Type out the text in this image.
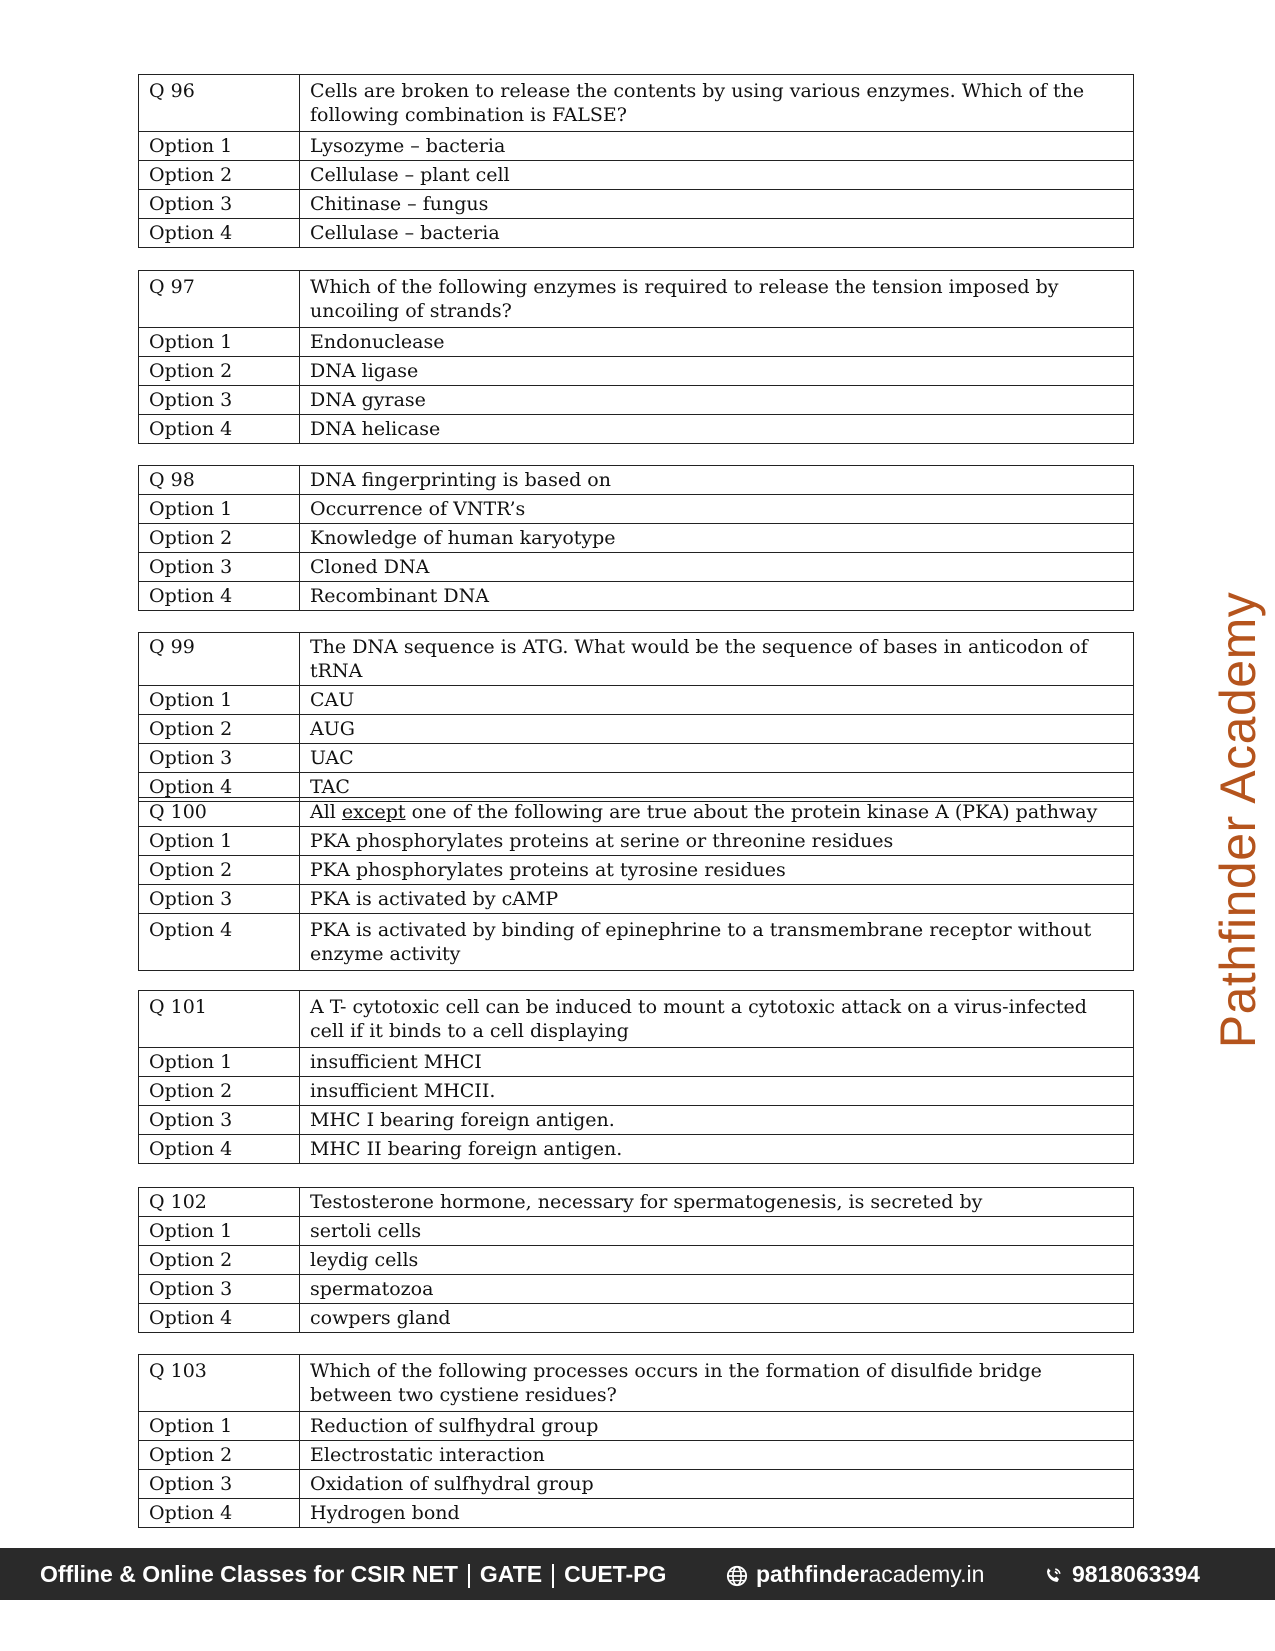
Q 96	Cells are broken to release the contents by using various enzymes. Which of the following combination is FALSE?
Option 1	Lysozyme – bacteria
Option 2	Cellulase – plant cell
Option 3	Chitinase – fungus
Option 4	Cellulase – bacteria
Q 97	Which of the following enzymes is required to release the tension imposed by uncoiling of strands?
Option 1	Endonuclease
Option 2	DNA ligase
Option 3	DNA gyrase
Option 4	DNA helicase
Q 98	DNA fingerprinting is based on
Option 1	Occurrence of VNTR’s
Option 2	Knowledge of human karyotype
Option 3	Cloned DNA
Option 4	Recombinant DNA
Q 99	The DNA sequence is ATG. What would be the sequence of bases in anticodon of tRNA
Option 1	CAU
Option 2	AUG
Option 3	UAC
Option 4	TAC
Q 100	All except one of the following are true about the protein kinase A (PKA) pathway
Option 1	PKA phosphorylates proteins at serine or threonine residues
Option 2	PKA phosphorylates proteins at tyrosine residues
Option 3	PKA is activated by cAMP
Option 4	PKA is activated by binding of epinephrine to a transmembrane receptor without enzyme activity
Q 101	A T- cytotoxic cell can be induced to mount a cytotoxic attack on a virus-infected cell if it binds to a cell displaying
Option 1	insufficient MHCI
Option 2	insufficient MHCII.
Option 3	MHC I bearing foreign antigen.
Option 4	MHC II bearing foreign antigen.
Q 102	Testosterone hormone, necessary for spermatogenesis, is secreted by
Option 1	sertoli cells
Option 2	leydig cells
Option 3	spermatozoa
Option 4	cowpers gland
Q 103	Which of the following processes occurs in the formation of disulfide bridge between two cystiene residues?
Option 1	Reduction of sulfhydral group
Option 2	Electrostatic interaction
Option 3	Oxidation of sulfhydral group
Option 4	Hydrogen bond
Pathfinder Academy
Offline & Online Classes for CSIR NET GATE CUET-PG	pathfinderacademy.in	9818063394
